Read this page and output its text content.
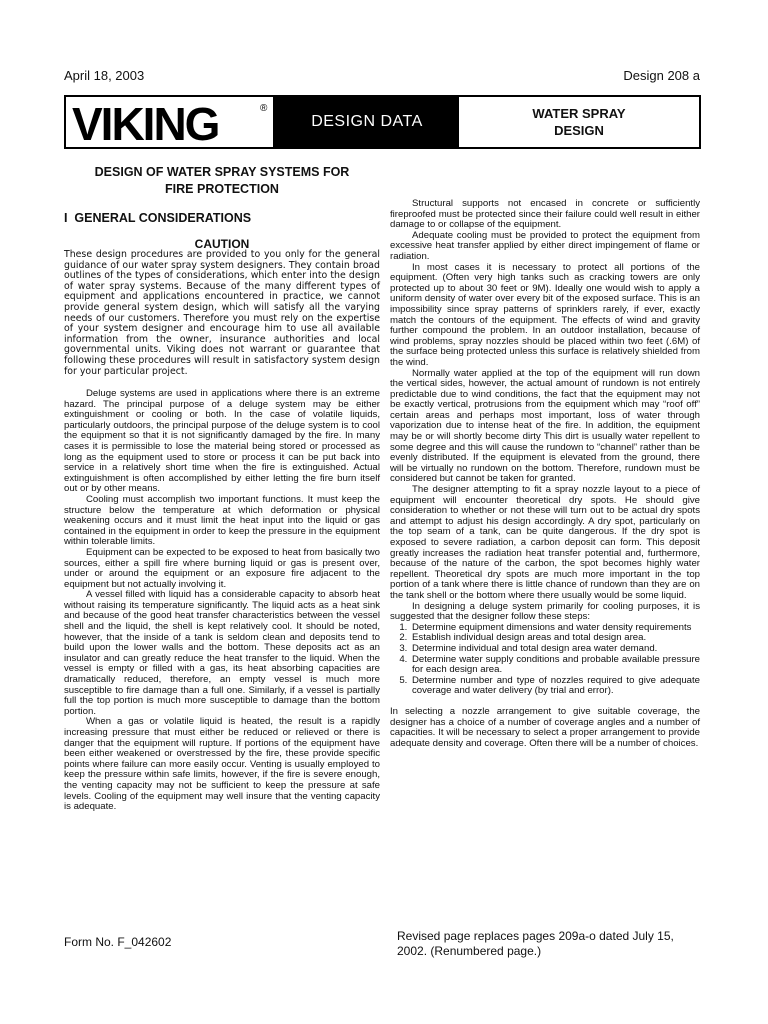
April 18, 2003	Design 208 a
VIKING	®
DESIGN DATA	WATER SPRAY
DESIGN
DESIGN OF WATER SPRAY SYSTEMS FOR
FIRE PROTECTION
I  GENERAL CONSIDERATIONS
CAUTION
These design procedures are provided to you only for the general guidance of our water spray system designers. They contain broad outlines of the types of considerations, which enter into the design of water spray systems. Because of the many different types of equipment and applications encountered in practice, we cannot provide general system design, which will satisfy all the varying needs of our customers. Therefore you must rely on the expertise of your system designer and encourage him to use all available information from the owner, insurance authorities and local governmental units. Viking does not warrant or guarantee that following these procedures will result in satisfactory system design for your particular project.

Deluge systems are used in applications where there is an extreme hazard. The principal purpose of a deluge system may be either extinguishment or cooling or both. In the case of volatile liquids, particularly outdoors, the principal purpose of the deluge system is to cool the equipment so that it is not significantly damaged by the fire. In many cases it is permissible to lose the material being stored or processed as long as the equipment used to store or process it can be put back into service in a relatively short time when the fire is extinguished. Actual extinguishment is often accomplished by either letting the fire burn itself out or by other means.

Cooling must accomplish two important functions. It must keep the structure below the temperature at which deformation or physical weakening occurs and it must limit the heat input into the liquid or gas contained in the equipment in order to keep the pressure in the equipment within tolerable limits.

Equipment can be expected to be exposed to heat from basically two sources, either a spill fire where burning liquid or gas is present over, under or around the equipment or an exposure fire adjacent to the equipment but not actually involving it.

A vessel filled with liquid has a considerable capacity to absorb heat without raising its temperature significantly. The liquid acts as a heat sink and because of the good heat transfer characteristics between the vessel shell and the liquid, the shell is kept relatively cool. It should be noted, however, that the inside of a tank is seldom clean and deposits tend to build upon the lower walls and the bottom. These deposits act as an insulator and can greatly reduce the heat transfer to the liquid. When the vessel is empty or filled with a gas, its heat absorbing capacities are dramatically reduced, therefore, an empty vessel is much more susceptible to fire damage than a full one. Similarly, if a vessel is partially full the top portion is much more susceptible to damage than the bottom portion.

When a gas or volatile liquid is heated, the result is a rapidly increasing pressure that must either be reduced or relieved or there is danger that the equipment will rupture. If portions of the equipment have been either weakened or overstressed by the fire, these provide specific points where failure can more easily occur. Venting is usually employed to keep the pressure within safe limits, however, if the fire is severe enough, the venting capacity may not be sufficient to keep the pressure at safe levels. Cooling of the equipment may well insure that the venting capacity is adequate.

Structural supports not encased in concrete or sufficiently fireproofed must be protected since their failure could well result in either damage to or collapse of the equipment.

Adequate cooling must be provided to protect the equipment from excessive heat transfer applied by either direct impingement of flame or radiation.

In most cases it is necessary to protect all portions of the equipment. (Often very high tanks such as cracking towers are only protected up to about 30 feet or 9M). Ideally one would wish to apply a uniform density of water over every bit of the exposed surface. This is an impossibility since spray patterns of sprinklers rarely, if ever, exactly match the contours of the equipment. The effects of wind and gravity further compound the problem. In an outdoor installation, because of wind problems, spray nozzles should be placed within two feet (.6M) of the surface being protected unless this surface is relatively shielded from the wind.

Normally water applied at the top of the equipment will run down the vertical sides, however, the actual amount of rundown is not entirely predictable due to wind conditions, the fact that the equipment may not be exactly vertical, protrusions from the equipment which may “roof off” certain areas and perhaps most important, loss of water through vaporization due to intense heat of the fire. In addition, the equipment may be or will shortly become dirty This dirt is usually water repellent to some degree and this will cause the rundown to “channel” rather than be evenly distributed. If the equipment is elevated from the ground, there will be virtually no rundown on the bottom. Therefore, rundown must be considered but cannot be taken for granted.

The designer attempting to fit a spray nozzle layout to a piece of equipment will encounter theoretical dry spots. He should give consideration to whether or not these will turn out to be actual dry spots and attempt to adjust his design accordingly. A dry spot, particularly on the top seam of a tank, can be quite dangerous. If the dry spot is exposed to severe radiation, a carbon deposit can form. This deposit greatly increases the radiation heat transfer potential and, furthermore, because of the nature of the carbon, the spot becomes highly water repellent. Theoretical dry spots are much more important in the top portion of a tank where there is little chance of rundown than they are on the tank shell or the bottom where there usually would be some liquid.

In designing a deluge system primarily for cooling purposes, it is suggested that the designer follow these steps:

1. Determine equipment dimensions and water density requirements
2. Establish individual design areas and total design area.
3. Determine individual and total design area water demand.
4. Determine water supply conditions and probable available pressure for each design area.
5. Determine number and type of nozzles required to give adequate coverage and water delivery (by trial and error).

In selecting a nozzle arrangement to give suitable coverage, the designer has a choice of a number of coverage angles and a number of capacities. It will be necessary to select a proper arrangement to provide adequate density and coverage. Often there will be a number of choices.

Form No. F_042602	Revised page replaces pages 209a-o dated July 15, 2002. (Renumbered page.)
